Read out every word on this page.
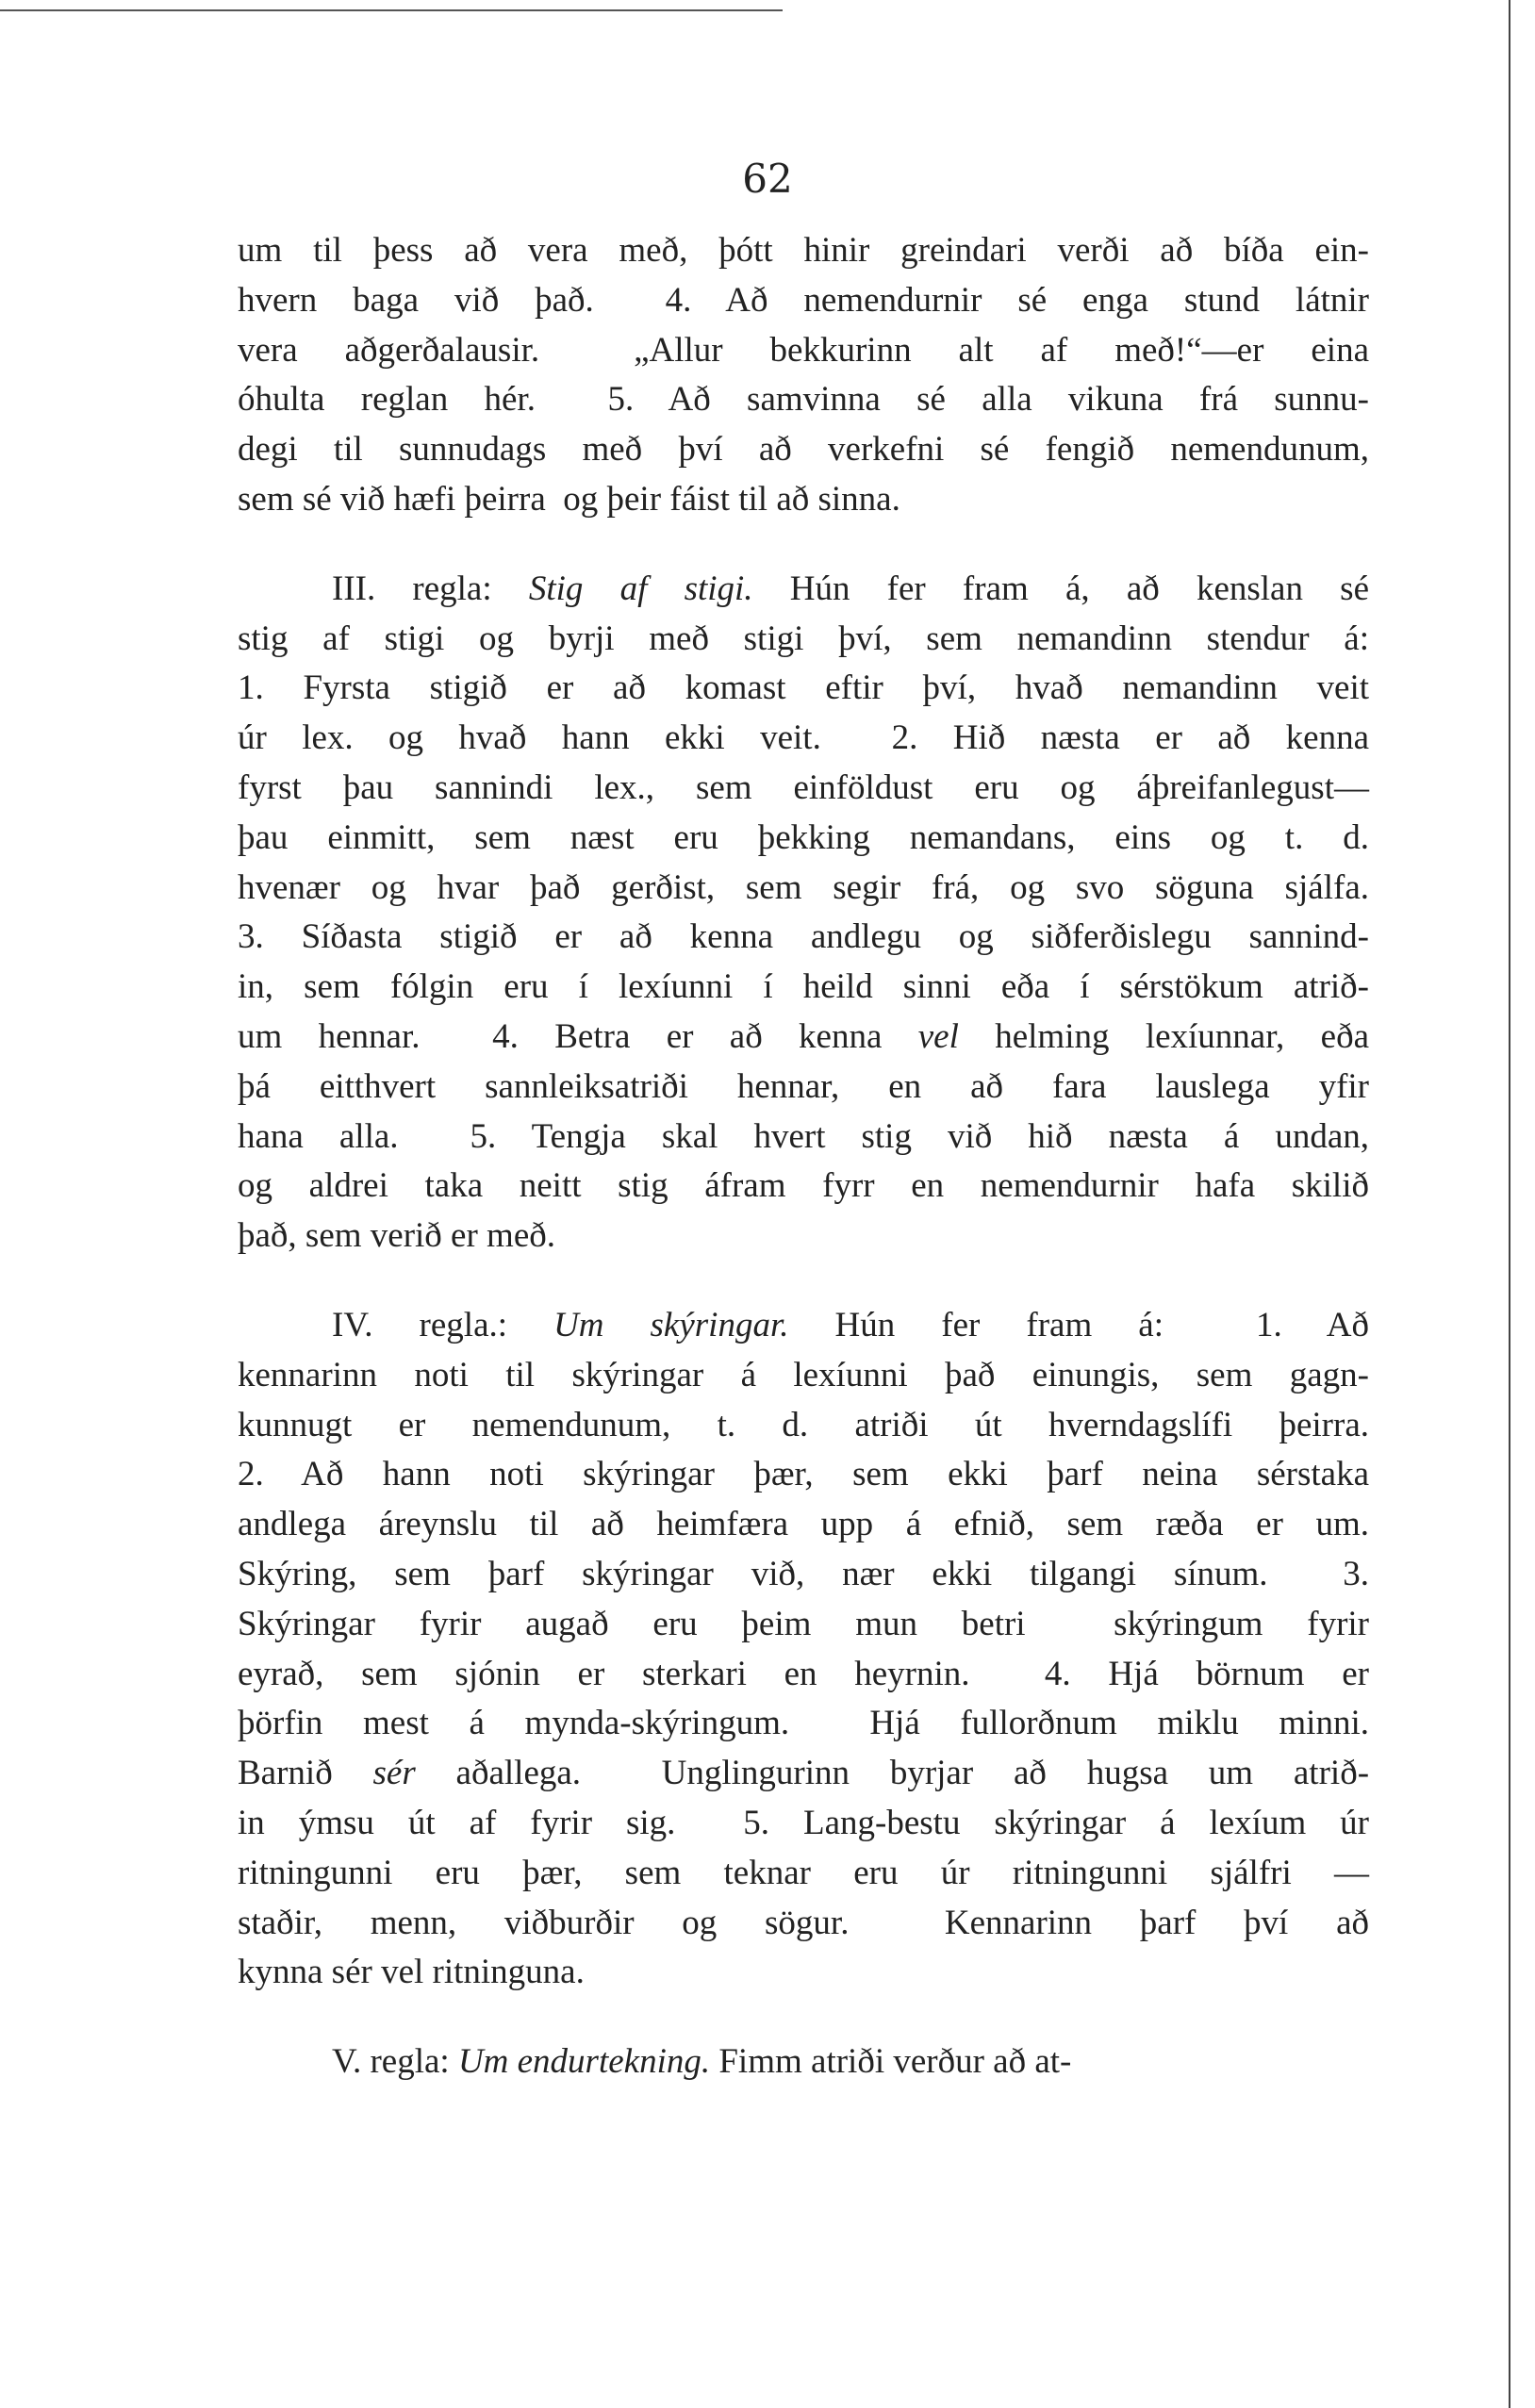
62
um til þess að vera með, þótt hinir greindari verði að bíða ein-
hvern baga við það.  4. Að nemendurnir sé enga stund látnir
vera aðgerðalausir.  „Allur bekkurinn alt af með!“—er eina
óhulta reglan hér.  5. Að samvinna sé alla vikuna frá sunnu-
degi til sunnudags með því að verkefni sé fengið nemendunum,
sem sé við hæfi þeirra  og þeir fáist til að sinna.
III. regla: Stig af stigi. Hún fer fram á, að kenslan sé
stig af stigi og byrji með stigi því, sem nemandinn stendur á:
1. Fyrsta stigið er að komast eftir því, hvað nemandinn veit
úr lex. og hvað hann ekki veit.  2. Hið næsta er að kenna
fyrst þau sannindi lex., sem einföldust eru og áþreifanlegust—
þau einmitt, sem næst eru þekking nemandans, eins og t. d.
hvenær og hvar það gerðist, sem segir frá, og svo söguna sjálfa.
3. Síðasta stigið er að kenna andlegu og siðferðislegu sannind-
in, sem fólgin eru í lexíunni í heild sinni eða í sérstökum atrið-
um hennar.  4. Betra er að kenna vel helming lexíunnar, eða
þá eitthvert sannleiksatriði hennar, en að fara lauslega yfir
hana alla.  5. Tengja skal hvert stig við hið næsta á undan,
og aldrei taka neitt stig áfram fyrr en nemendurnir hafa skilið
það, sem verið er með.
IV. regla.: Um skýringar. Hún fer fram á:  1. Að
kennarinn noti til skýringar á lexíunni það einungis, sem gagn-
kunnugt er nemendunum, t. d. atriði út hverndagslífi þeirra.
2. Að hann noti skýringar þær, sem ekki þarf neina sérstaka
andlega áreynslu til að heimfæra upp á efnið, sem ræða er um.
Skýring, sem þarf skýringar við, nær ekki tilgangi sínum.  3.
Skýringar fyrir augað eru þeim mun betri  skýringum fyrir
eyrað, sem sjónin er sterkari en heyrnin.  4. Hjá börnum er
þörfin mest á mynda-skýringum.  Hjá fullorðnum miklu minni.
Barnið sér aðallega.  Unglingurinn byrjar að hugsa um atrið-
in ýmsu út af fyrir sig.  5. Lang-bestu skýringar á lexíum úr
ritningunni eru þær, sem teknar eru úr ritningunni sjálfri —
staðir, menn, viðburðir og sögur.  Kennarinn þarf því að
kynna sér vel ritninguna.
V. regla: Um endurtekning. Fimm atriði verður að at-
